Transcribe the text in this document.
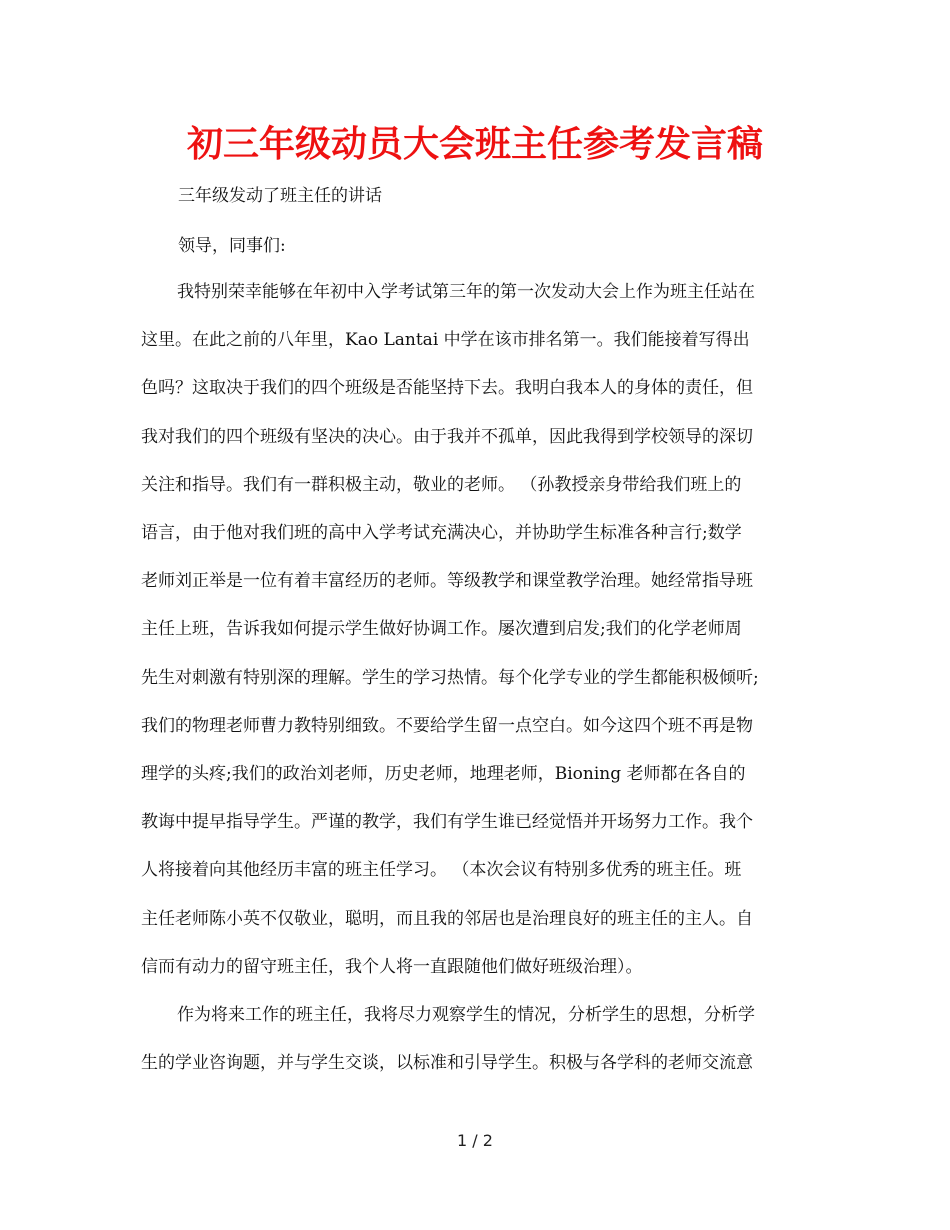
初三年级动员大会班主任参考发言稿
三年级发动了班主任的讲话
领导，同事们:
我特别荣幸能够在年初中入学考试第三年的第一次发动大会上作为班主任站在
这里。在此之前的八年里，Kao Lantai 中学在该市排名第一。我们能接着写得出
色吗？这取决于我们的四个班级是否能坚持下去。我明白我本人的身体的责任，但
我对我们的四个班级有坚决的决心。由于我并不孤单，因此我得到学校领导的深切
关注和指导。我们有一群积极主动，敬业的老师。 （孙教授亲身带给我们班上的
语言，由于他对我们班的高中入学考试充满决心，并协助学生标准各种言行;数学
老师刘正举是一位有着丰富经历的老师。等级教学和课堂教学治理。她经常指导班
主任上班，告诉我如何提示学生做好协调工作。屡次遭到启发;我们的化学老师周
先生对刺激有特别深的理解。学生的学习热情。每个化学专业的学生都能积极倾听;
我们的物理老师曹力教特别细致。不要给学生留一点空白。如今这四个班不再是物
理学的头疼;我们的政治刘老师，历史老师，地理老师，Bioning 老师都在各自的
教诲中提早指导学生。严谨的教学，我们有学生谁已经觉悟并开场努力工作。我个
人将接着向其他经历丰富的班主任学习。 （本次会议有特别多优秀的班主任。班
主任老师陈小英不仅敬业，聪明，而且我的邻居也是治理良好的班主任的主人。自
信而有动力的留守班主任，我个人将一直跟随他们做好班级治理）。
作为将来工作的班主任，我将尽力观察学生的情况，分析学生的思想，分析学
生的学业咨询题，并与学生交谈，以标准和引导学生。积极与各学科的老师交流意
1 / 2
